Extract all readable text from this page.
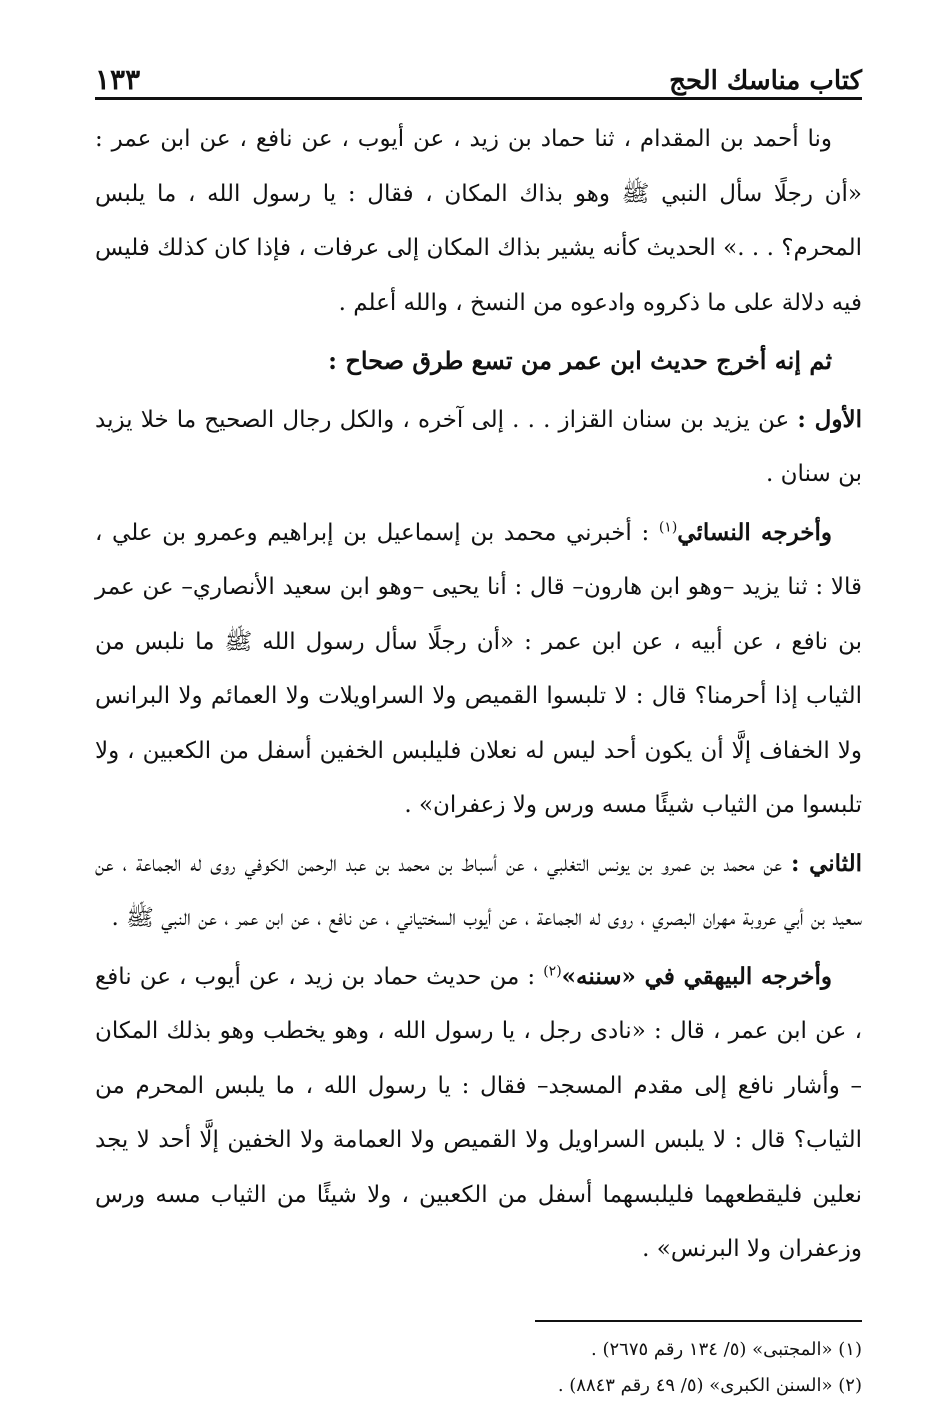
كتاب مناسك الحج
١٣٣

ونا أحمد بن المقدام ، ثنا حماد بن زيد ، عن أيوب ، عن نافع ، عن ابن عمر : «أن رجلًا سأل النبي ﷺ وهو بذاك المكان ، فقال : يا رسول الله ، ما يلبس المحرم؟ . . .» الحديث كأنه يشير بذاك المكان إلى عرفات ، فإذا كان كذلك فليس فيه دلالة على ما ذكروه وادعوه من النسخ ، والله أعلم .

ثم إنه أخرج حديث ابن عمر من تسع طرق صحاح :

الأول : عن يزيد بن سنان القزاز . . . إلى آخره ، والكل رجال الصحيح ما خلا يزيد بن سنان .

وأخرجه النسائي$^{(١)}$ : أخبرني محمد بن إسماعيل بن إبراهيم وعمرو بن علي ، قالا : ثنا يزيد –وهو ابن هارون– قال : أنا يحيى –وهو ابن سعيد الأنصاري– عن عمر بن نافع ، عن أبيه ، عن ابن عمر : «أن رجلًا سأل رسول الله ﷺ ما نلبس من الثياب إذا أحرمنا؟ قال : لا تلبسوا القميص ولا السراويلات ولا العمائم ولا البرانس ولا الخفاف إلَّا أن يكون أحد ليس له نعلان فليلبس الخفين أسفل من الكعبين ، ولا تلبسوا من الثياب شيئًا مسه ورس ولا زعفران» .

الثاني : عن محمد بن عمرو بن يونس التغلبي ، عن أسباط بن محمد بن عبد الرحمن الكوفي روى له الجماعة ، عن سعيد بن أبي عروبة مهران البصري ، روى له الجماعة ، عن أيوب السختياني ، عن نافع ، عن ابن عمر ، عن النبي ﷺ .

وأخرجه البيهقي في «سننه»$^{(٢)}$ : من حديث حماد بن زيد ، عن أيوب ، عن نافع ، عن ابن عمر ، قال : «نادى رجل ، يا رسول الله ، وهو يخطب وهو بذلك المكان – وأشار نافع إلى مقدم المسجد– فقال : يا رسول الله ، ما يلبس المحرم من الثياب؟ قال : لا يلبس السراويل ولا القميص ولا العمامة ولا الخفين إلَّا أحد لا يجد نعلين فليقطعهما فليلبسهما أسفل من الكعبين ، ولا شيئًا من الثياب مسه ورس وزعفران ولا البرنس» .

(١) «المجتبى» (٥/ ١٣٤ رقم ٢٦٧٥) .
(٢) «السنن الكبرى» (٥/ ٤٩ رقم ٨٨٤٣) .
